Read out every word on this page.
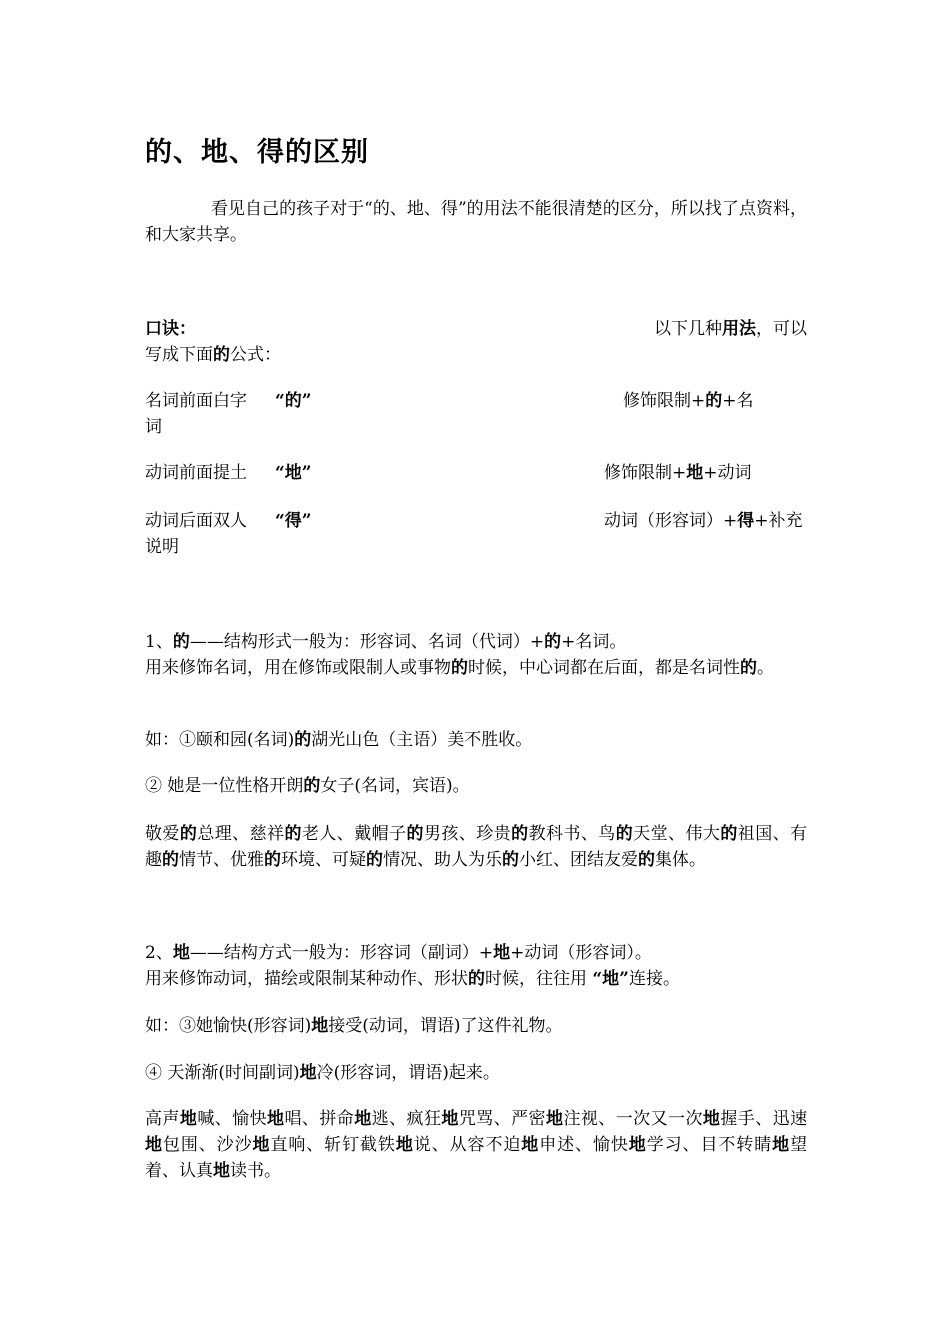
的、地、得的区别

看见自己的孩子对于“的、地、得”的用法不能很清楚的区分，所以找了点资料，和大家共享。

口诀：	以下几种用法，可以
写成下面的公式：
名词前面白字 “的”	修饰限制+的+名
词
动词前面提土 “地”	修饰限制+地+动词
动词后面双人 “得”	动词（形容词）+得+补充
说明
1、的——结构形式一般为：形容词、名词（代词）+的+名词。
用来修饰名词，用在修饰或限制人或事物的时候，中心词都在后面，都是名词性的。
如：①颐和园(名词)的湖光山色（主语）美不胜收。
② 她是一位性格开朗的女子(名词，宾语)。
敬爱的总理、慈祥的老人、戴帽子的男孩、珍贵的教科书、鸟的天堂、伟大的祖国、有趣的情节、优雅的环境、可疑的情况、助人为乐的小红、团结友爱的集体。
2、地——结构方式一般为：形容词（副词）+地+动词（形容词）。
用来修饰动词，描绘或限制某种动作、形状的时候，往往用 “地”连接。
如：③她愉快(形容词)地接受(动词，谓语)了这件礼物。
④ 天渐渐(时间副词)地冷(形容词，谓语)起来。
高声地喊、愉快地唱、拼命地逃、疯狂地咒骂、严密地注视、一次又一次地握手、迅速地包围、沙沙地直响、斩钉截铁地说、从容不迫地申述、愉快地学习、目不转睛地望着、认真地读书。
